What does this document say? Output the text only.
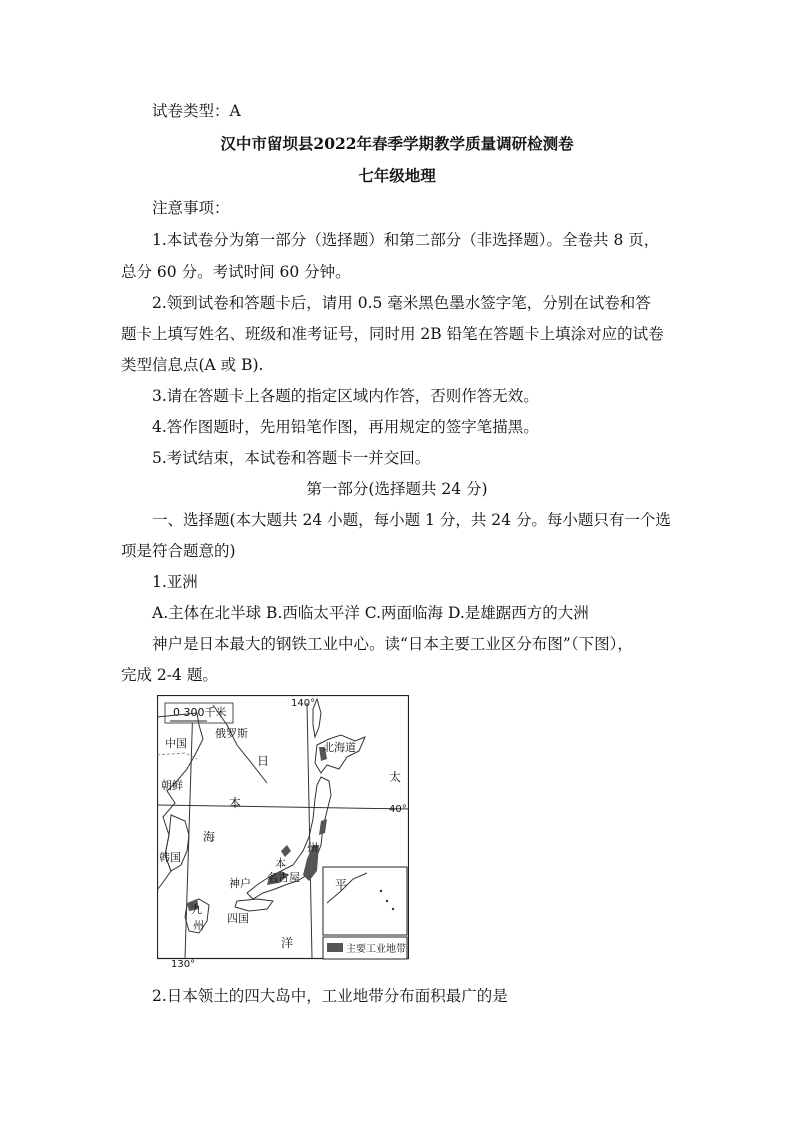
试卷类型：A
汉中市留坝县2022年春季学期教学质量调研检测卷
七年级地理
注意事项：
1.本试卷分为第一部分（选择题）和第二部分（非选择题）。全卷共 8 页，
总分 60 分。考试时间 60 分钟。
2.领到试卷和答题卡后，请用 0.5 毫米黑色墨水签字笔，分别在试卷和答
题卡上填写姓名、班级和准考证号，同时用 2B 铅笔在答题卡上填涂对应的试卷
类型信息点(A 或 B).
3.请在答题卡上各题的指定区域内作答，否则作答无效。
4.答作图题时，先用铅笔作图，再用规定的签字笔描黑。
5.考试结束，本试卷和答题卡一并交回。
第一部分(选择题共 24 分)
一、选择题(本大题共 24 小题，每小题 1 分，共 24 分。每小题只有一个选
项是符合题意的)
1.亚洲
A.主体在北半球 B.西临太平洋 C.两面临海 D.是雄踞西方的大洲
神户是日本最大的钢铁工业中心。读“日本主要工业区分布图”（下图），
完成 2-4 题。
0 300千米
主要工业地带
140°
40°
中国
俄罗斯
朝鲜
韩国
北海道
日
本
海
本
州
名古屋
神户
九
州
四国
太
平
洋
130°
2.日本领土的四大岛中，工业地带分布面积最广的是
